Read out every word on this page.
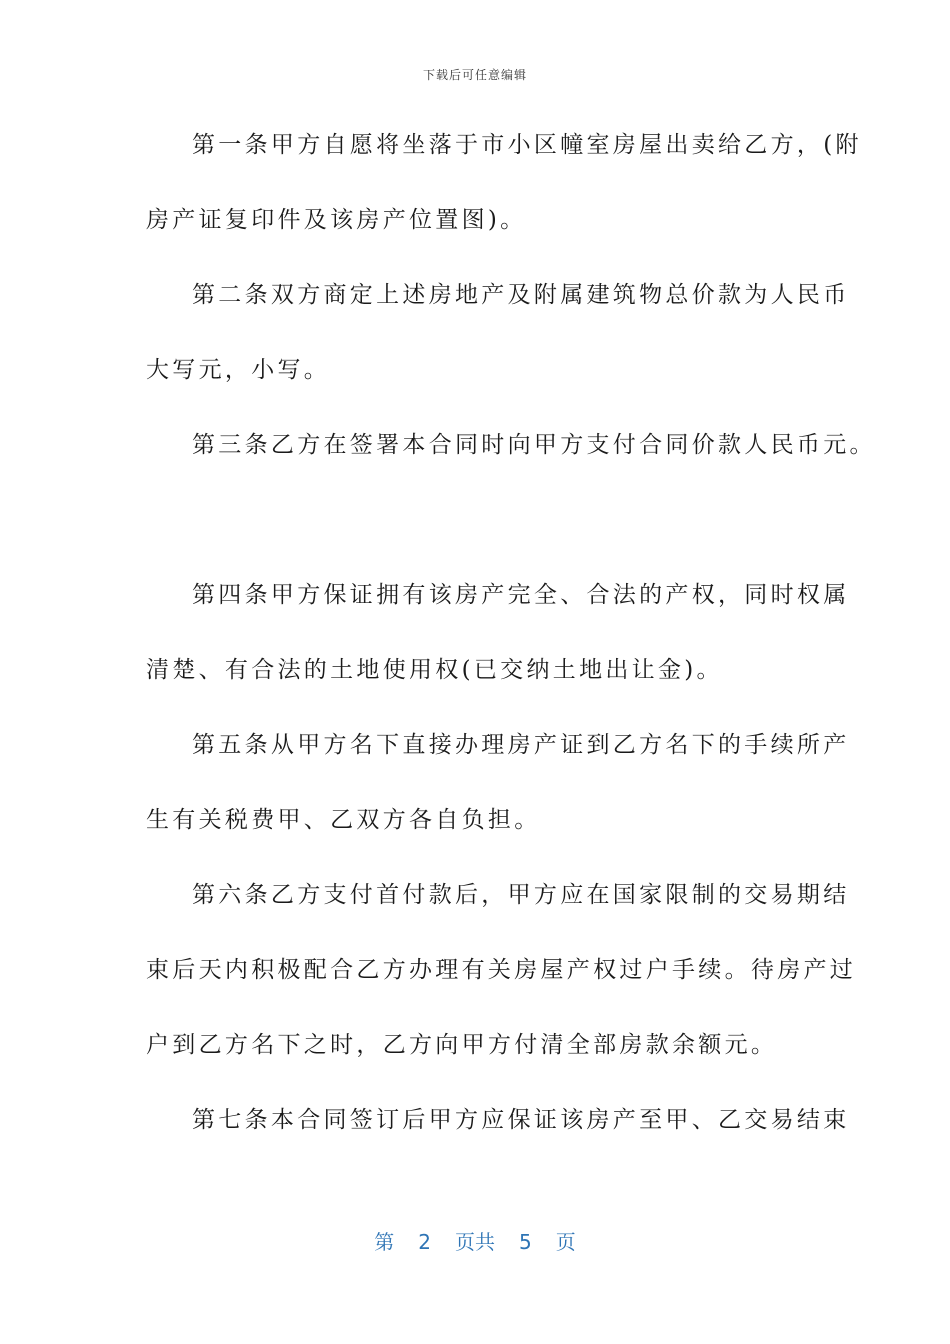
下载后可任意编辑
第一条甲方自愿将坐落于市小区幢室房屋出卖给乙方，(附
房产证复印件及该房产位置图)。
第二条双方商定上述房地产及附属建筑物总价款为人民币
大写元，小写。
第三条乙方在签署本合同时向甲方支付合同价款人民币元。
第四条甲方保证拥有该房产完全、合法的产权，同时权属
清楚、有合法的土地使用权(已交纳土地出让金)。
第五条从甲方名下直接办理房产证到乙方名下的手续所产
生有关税费甲、乙双方各自负担。
第六条乙方支付首付款后，甲方应在国家限制的交易期结
束后天内积极配合乙方办理有关房屋产权过户手续。待房产过
户到乙方名下之时，乙方向甲方付清全部房款余额元。
第七条本合同签订后甲方应保证该房产至甲、乙交易结束
第 2 页共 5 页
